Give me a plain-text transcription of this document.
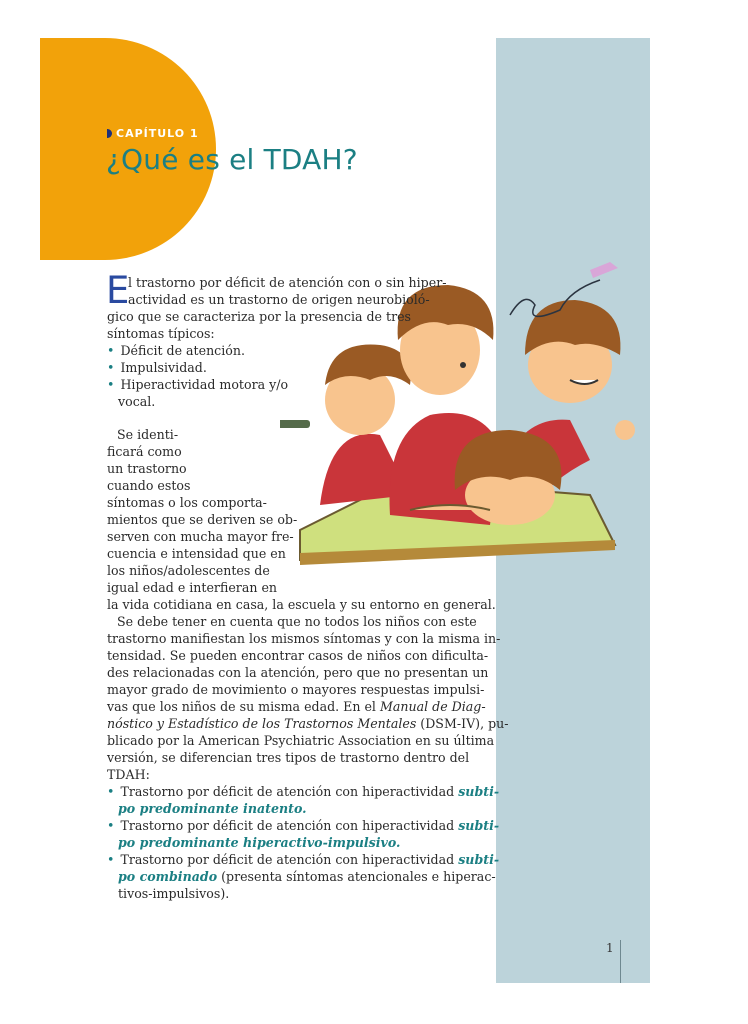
CAPÍTULO 1
¿Qué es el TDAH?
E
l trastorno por déficit de atención con o sin hiper-
actividad es un trastorno de origen neurobioló-
gico que se caracteriza por la presencia de tres
síntomas típicos:
• Déficit de atención.
• Impulsividad.
• Hiperactividad motora y/o
vocal.
Se identi-
ficará como
un trastorno
cuando estos
síntomas o los comporta-
mientos que se deriven se ob-
serven con mucha mayor fre-
cuencia e intensidad que en
los niños/adolescentes de
igual edad e interfieran en
la vida cotidiana en casa, la escuela y su entorno en general.
Se debe tener en cuenta que no todos los niños con este
trastorno manifiestan los mismos síntomas y con la misma in-
tensidad. Se pueden encontrar casos de niños con dificulta-
des relacionadas con la atención, pero que no presentan un
mayor grado de movimiento o mayores respuestas impulsi-
vas que los niños de su misma edad. En el Manual de Diag-
nóstico y Estadístico de los Trastornos Mentales (DSM-IV), pu-
blicado por la American Psychiatric Association en su última
versión, se diferencian tres tipos de trastorno dentro del
TDAH:
• Trastorno por déficit de atención con hiperactividad subti-
po predominante inatento.
• Trastorno por déficit de atención con hiperactividad subti-
po predominante hiperactivo-impulsivo.
• Trastorno por déficit de atención con hiperactividad subti-
po combinado (presenta síntomas atencionales e hiperac-
tivos-impulsivos).
1
